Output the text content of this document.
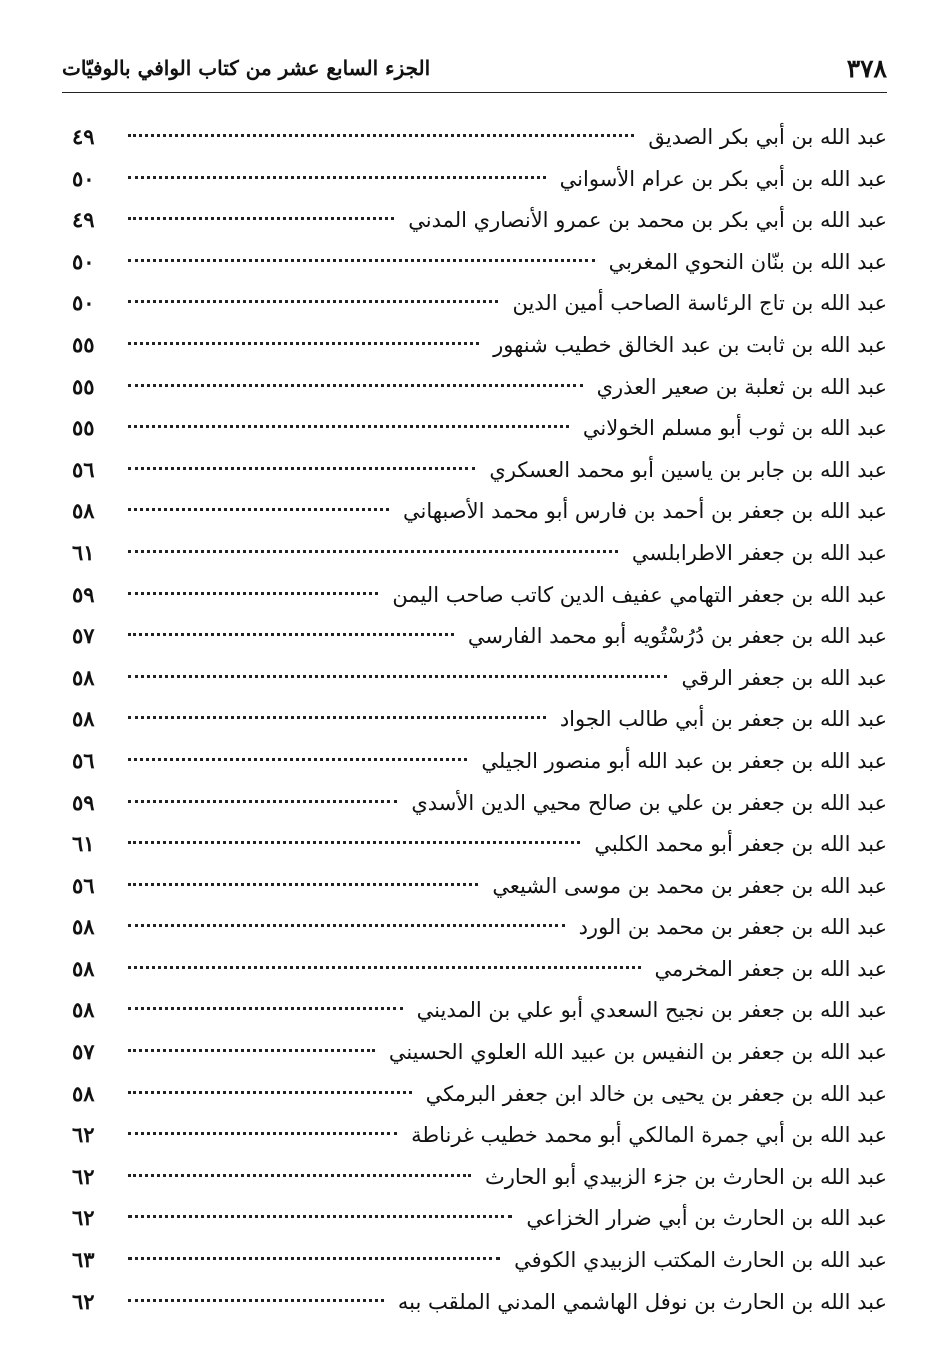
٣٧٨
الجزء السابع عشر من كتاب الوافي بالوفيّات
عبد الله بن أبي بكر الصديق
٤٩
عبد الله بن أبي بكر بن عرام الأسواني
٥٠
عبد الله بن أبي بكر بن محمد بن عمرو الأنصاري المدني
٤٩
عبد الله بن بنّان النحوي المغربي
٥٠
عبد الله بن تاج الرئاسة الصاحب أمين الدين
٥٠
عبد الله بن ثابت بن عبد الخالق خطيب شنهور
٥٥
عبد الله بن ثعلبة بن صعير العذري
٥٥
عبد الله بن ثوب أبو مسلم الخولاني
٥٥
عبد الله بن جابر بن ياسين أبو محمد العسكري
٥٦
عبد الله بن جعفر بن أحمد بن فارس أبو محمد الأصبهاني
٥٨
عبد الله بن جعفر الاطرابلسي
٦١
عبد الله بن جعفر التهامي عفيف الدين كاتب صاحب اليمن
٥٩
عبد الله بن جعفر بن دُرُسْتُويه أبو محمد الفارسي
٥٧
عبد الله بن جعفر الرقي
٥٨
عبد الله بن جعفر بن أبي طالب الجواد
٥٨
عبد الله بن جعفر بن عبد الله أبو منصور الجيلي
٥٦
عبد الله بن جعفر بن علي بن صالح محيي الدين الأسدي
٥٩
عبد الله بن جعفر أبو محمد الكلبي
٦١
عبد الله بن جعفر بن محمد بن موسى الشيعي
٥٦
عبد الله بن جعفر بن محمد بن الورد
٥٨
عبد الله بن جعفر المخرمي
٥٨
عبد الله بن جعفر بن نجيح السعدي أبو علي بن المديني
٥٨
عبد الله بن جعفر بن النفيس بن عبيد الله العلوي الحسيني
٥٧
عبد الله بن جعفر بن يحيى بن خالد ابن جعفر البرمكي
٥٨
عبد الله بن أبي جمرة المالكي أبو محمد خطيب غرناطة
٦٢
عبد الله بن الحارث بن جزء الزبيدي أبو الحارث
٦٢
عبد الله بن الحارث بن أبي ضرار الخزاعي
٦٢
عبد الله بن الحارث المكتب الزبيدي الكوفي
٦٣
عبد الله بن الحارث بن نوفل الهاشمي المدني الملقب ببه
٦٢
